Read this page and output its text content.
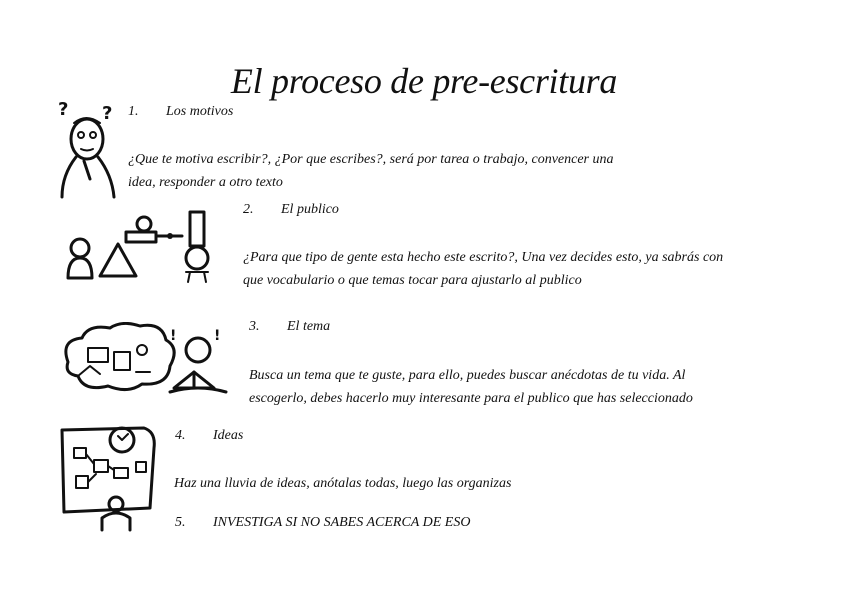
El proceso de pre-escritura
? ? 1. Los motivos
¿Que te motiva escribir?, ¿Por que escribes?, será por tarea o trabajo, convencer una
idea, responder a otro texto
2. El publico
¿Para que tipo de gente esta hecho este escrito?, Una vez decides esto, ya sabrás con
que vocabulario o que temas tocar para ajustarlo al publico
!	!
3. El tema
Busca un tema que te guste, para ello, puedes buscar anécdotas de tu vida. Al
escogerlo, debes hacerlo muy interesante para el publico que has seleccionado
4. Ideas
Haz una lluvia de ideas, anótalas todas, luego las organizas
5. INVESTIGA SI NO SABES ACERCA DE ESO
